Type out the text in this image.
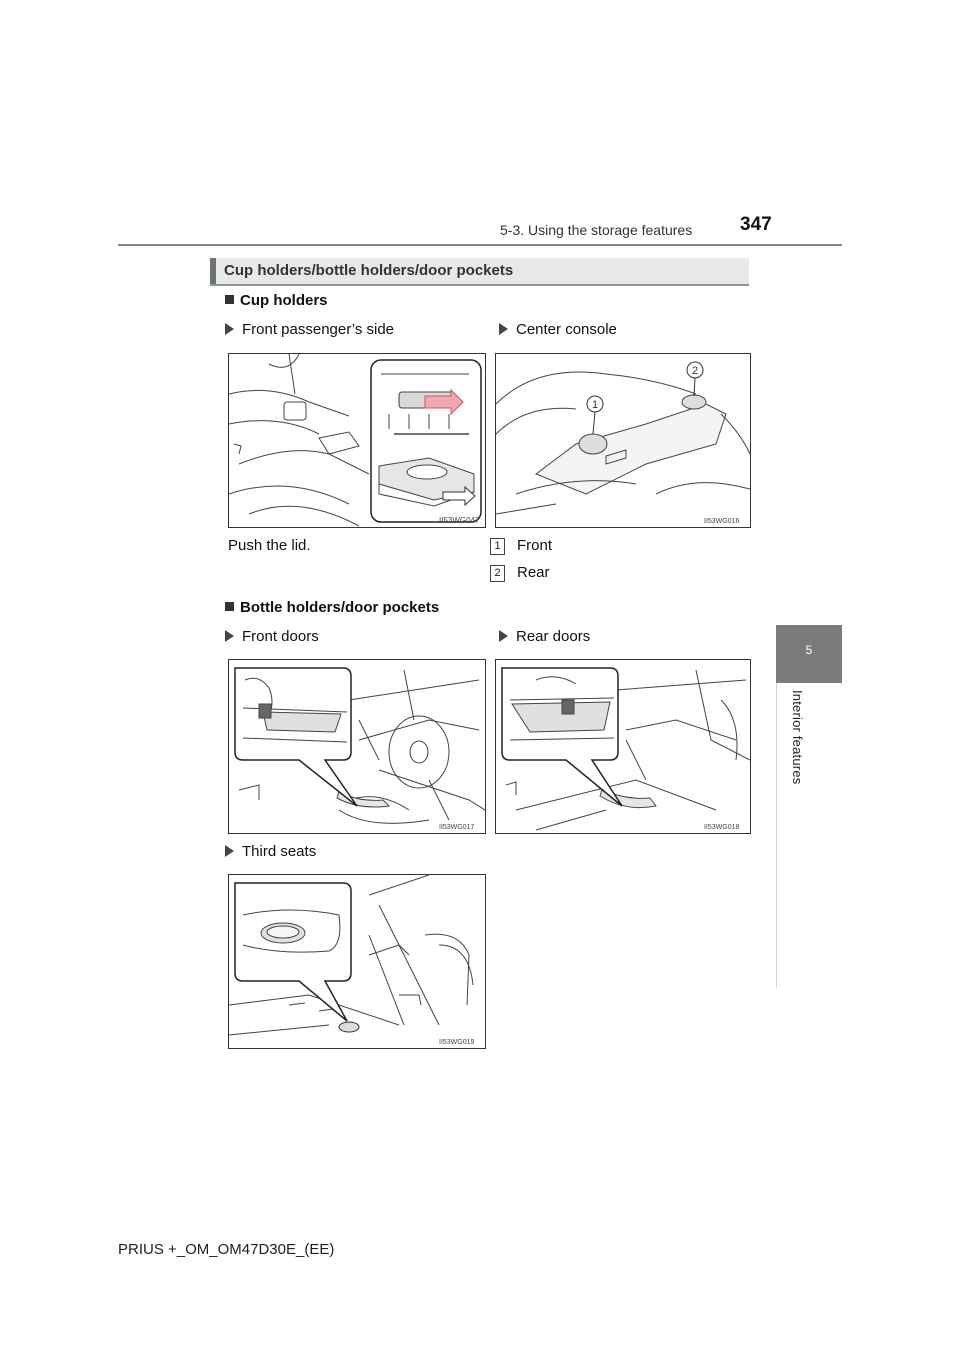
5-3. Using the storage features	347
5
Interior features
Cup holders/bottle holders/door pockets
Cup holders
Front passenger’s side	Center console
II53WG047
1
2
II53WG016
Push the lid.	1 Front
2 Rear
Bottle holders/door pockets
Front doors	Rear doors
II53WG017	II53WG018
Third seats
II53WG019
PRIUS +_OM_OM47D30E_(EE)
